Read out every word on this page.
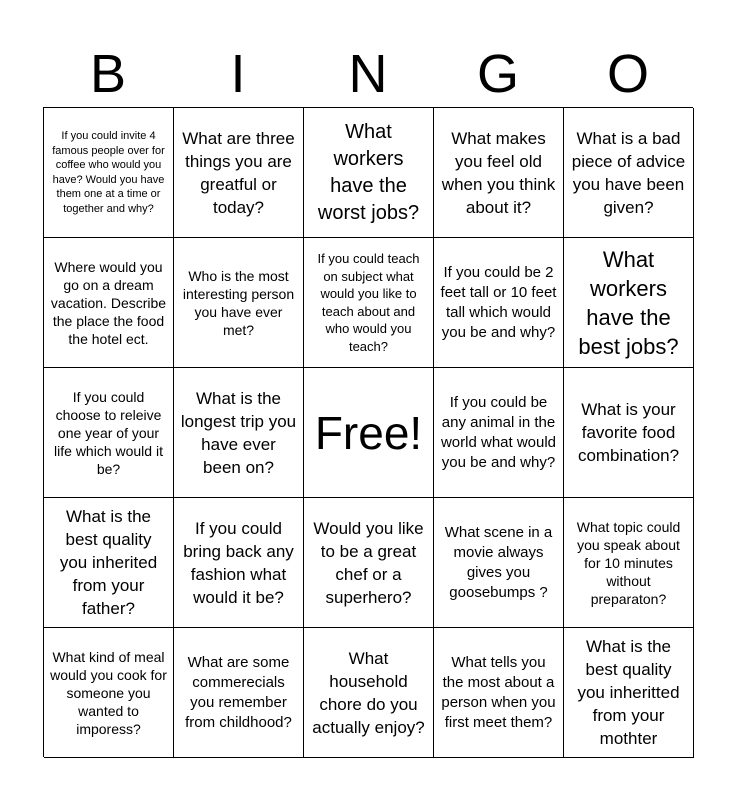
B	I	N	G	O
If you could invite 4 famous people over for coffee who would you have? Would you have them one at a time or together and why?
What are three things you are greatful or today?
What workers have the worst jobs?
What makes you feel old when you think about it?
What is a bad piece of advice you have been given?
Where would you go on a dream vacation. Describe the place the food the hotel ect.
Who is the most interesting person you have ever met?
If you could teach on subject what would you like to teach about and who would you teach?
If you could be 2 feet tall or 10 feet tall which would you be and why?
What workers have the best jobs?
If you could choose to releive one year of your life which would it be?
What is the longest trip you have ever been on?
Free!
If you could be any animal in the world what would you be and why?
What is your favorite food combination?
What is the best quality you inherited from your father?
If you could bring back any fashion what would it be?
Would you like to be a great chef or a superhero?
What scene in a movie always gives you goosebumps ?
What topic could you speak about for 10 minutes without preparaton?
What kind of meal would you cook for someone you wanted to imporess?
What are some commerecials you remember from childhood?
What household chore do you actually enjoy?
What tells you the most about a person when you first meet them?
What is the best quality you inheritted from your mothter
